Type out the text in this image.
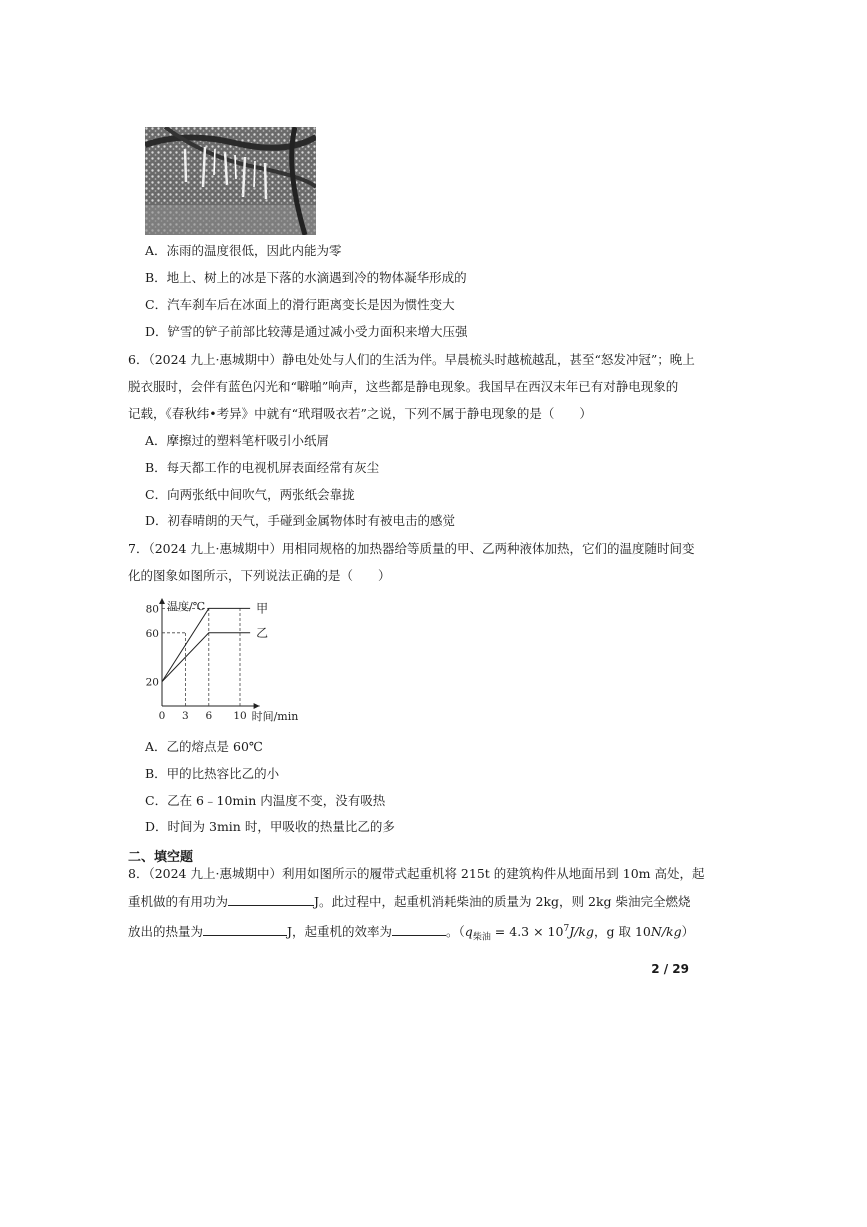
A．冻雨的温度很低，因此内能为零
B．地上、树上的冰是下落的水滴遇到冷的物体凝华形成的
C．汽车刹车后在冰面上的滑行距离变长是因为惯性变大
D．铲雪的铲子前部比较薄是通过减小受力面积来增大压强
6．（2024 九上·惠城期中）静电处处与人们的生活为伴。早晨梳头时越梳越乱，甚至“怒发冲冠”；晚上
脱衣服时，会伴有蓝色闪光和“噼啪”响声，这些都是静电现象。我国早在西汉末年已有对静电现象的
记载，《春秋纬•考异》中就有“玳瑁吸衣若”之说，下列不属于静电现象的是（　　）
A．摩擦过的塑料笔杆吸引小纸屑
B．每天都工作的电视机屏表面经常有灰尘
C．向两张纸中间吹气，两张纸会靠拢
D．初春晴朗的天气，手碰到金属物体时有被电击的感觉
7．（2024 九上·惠城期中）用相同规格的加热器给等质量的甲、乙两种液体加热，它们的温度随时间变
化的图象如图所示，下列说法正确的是（　　）
甲
乙
0 3 6 10
20
60
80 温度/℃
时间/min
A．乙的熔点是 60℃
B．甲的比热容比乙的小
C．乙在 6﹣10min 内温度不变，没有吸热
D．时间为 3min 时，甲吸收的热量比乙的多
二、填空题
8．（2024 九上·惠城期中）利用如图所示的履带式起重机将 215t 的建筑构件从地面吊到 10m 高处，起
重机做的有用功为	J。此过程中，起重机消耗柴油的质量为 2kg，则 2kg 柴油完全燃烧
放出的热量为	J，起重机的效率为	。（$q_{柴油} = 4.3 \times 10^7J/kg$，g 取 10N/kg）
2 / 29
